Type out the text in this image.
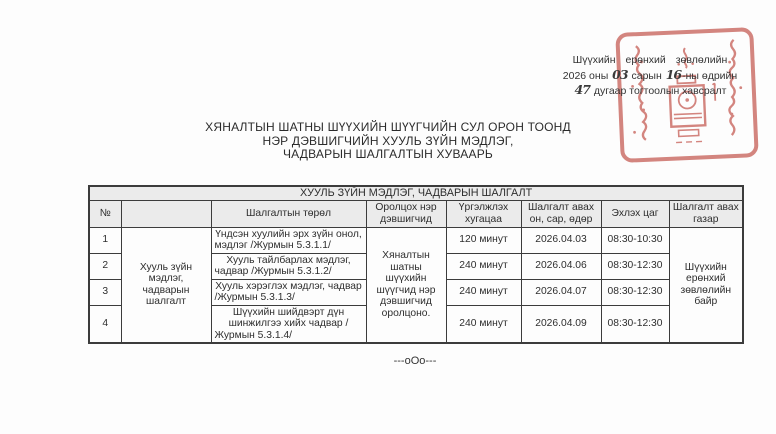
Шүүхийн ерөнхий зөвлөлийн
2026 оны 03 сарын 16-ны өдрийн
47 дугаар тогтоолын хавсралт
ХЯНАЛТЫН ШАТНЫ ШҮҮХИЙН ШҮҮГЧИЙН СУЛ ОРОН ТООНД
НЭР ДЭВШИГЧИЙН ХУУЛЬ ЗҮЙН МЭДЛЭГ,
ЧАДВАРЫН ШАЛГАЛТЫН ХУВААРЬ
ХУУЛЬ ЗҮЙН МЭДЛЭГ, ЧАДВАРЫН ШАЛГАЛТ							
№		Шалгалтын төрөл	Оролцох нэр дэвшигчид	Үргэлжлэх хугацаа	Шалгалт авах он, сар, өдөр	Эхлэх цаг	Шалгалт авах газар
1	Хууль зүйн мэдлэг, чадварын шалгалт	Үндсэн хуулийн эрх зүйн онол, мэдлэг /Журмын 5.3.1.1/	Хяналтын шатны шүүхийн шүүгчид нэр дэвшигчид оролцоно.	120 минут	2026.04.03	08:30-10:30	Шүүхийн ерөнхий зөвлөлийн байр
2		Хууль тайлбарлах мэдлэг, чадвар /Журмын 5.3.1.2/		240 минут	2026.04.06	08:30-12:30	
3		Хууль хэрэглэх мэдлэг, чадвар /Журмын 5.3.1.3/		240 минут	2026.04.07	08:30-12:30	
4		Шүүхийн шийдвэрт дүн шинжилгээ хийх чадвар /Журмын 5.3.1.4/		240 минут	2026.04.09	08:30-12:30	
---оОо---
